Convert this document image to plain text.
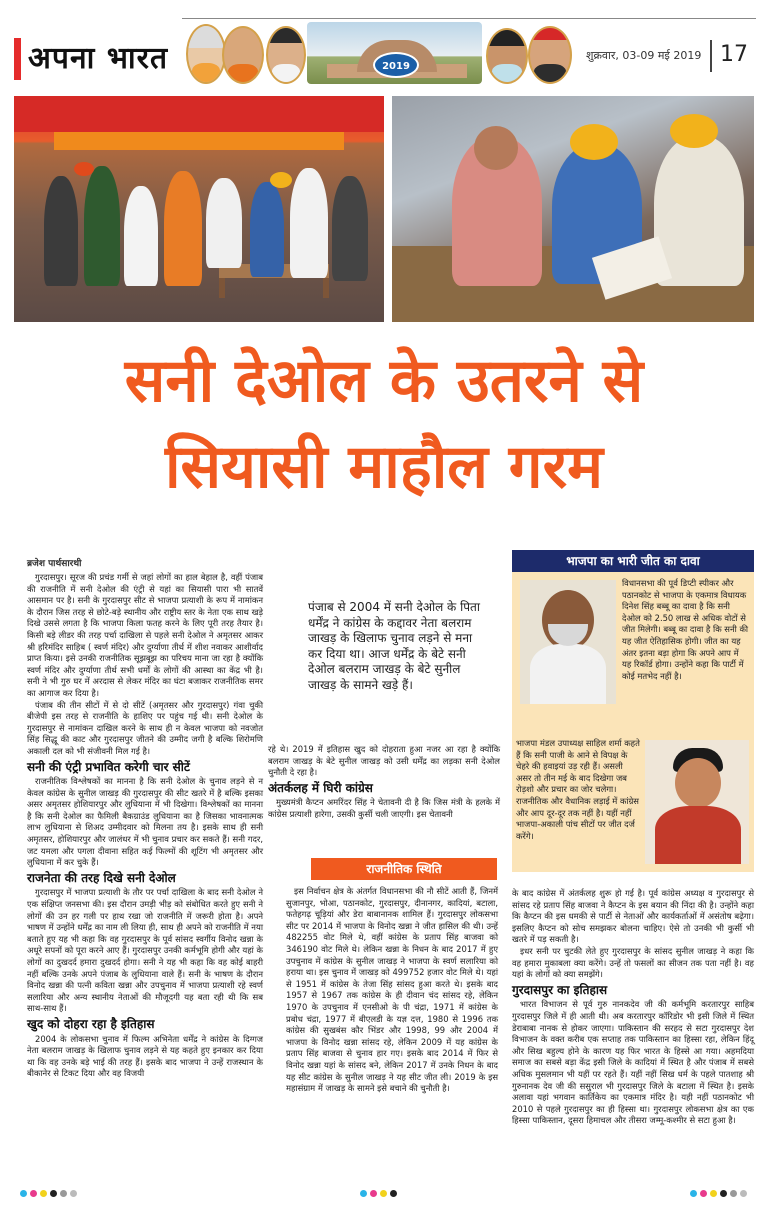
अपना भारत	2019
शुक्रवार, 03-09 मई 2019 17
सनी देओल के उतरने से
सियासी माहौल गरम
ब्रजेश पार्थसारथी

गुरदासपुर। सूरज की प्रचंड गर्मी से जहां लोगों का हाल बेहाल है, वहीं पंजाब की राजनीति में सनी देओल की एंट्री से यहां का सियासी पारा भी सातवें आसमान पर है। सनी के गुरदासपुर सीट से भाजपा प्रत्याशी के रूप में नामांकन के दौरान जिस तरह से छोटे-बड़े स्थानीय और राष्ट्रीय स्तर के नेता एक साथ खड़े दिखे उससे लगता है कि भाजपा किला फतह करने के लिए पूरी तरह तैयार है। किसी बड़े लीडर की तरह पर्चा दाखिला से पहले सनी देओल ने अमृतसर आकर श्री हरिमंदिर साहिब ( स्वर्ण मंदिर) और दुर्ग्याणा तीर्थ में शीश नवाकर आशीर्वाद प्राप्त किया। इसे उनकी राजनीतिक सूझबूझ का परिचय माना जा रहा है क्योंकि स्वर्ण मंदिर और दुर्ग्याणा तीर्थ सभी धर्मों के लोगों की आस्था का केंद्र भी है। सनी ने भी गुरु घर में अरदास से लेकर मंदिर का घंटा बजाकर राजनीतिक समर का आगाज कर दिया है।

पंजाब की तीन सीटों में से दो सीटें (अमृतसर और गुरदासपुर) गंवा चुकी बीजेपी इस तरह से राजनीति के हाशिए पर पहुंच गई थी। सनी देओल के गुरदासपुर से नामांकन दाखिल करने के साथ ही न केवल भाजपा को नवजोत सिंह सिद्धू की काट और गुरदासपुर जीतने की उम्मीद जगी है बल्कि शिरोमणि अकाली दल को भी संजीवनी मिल गई है।

सनी की एंट्री प्रभावित करेगी चार सीटें

राजनीतिक विश्लेषकों का मानना है कि सनी देओल के चुनाव लड़ने से न केवल कांग्रेस के सुनील जाखड़ की गुरदासपुर की सीट खतरे में है बल्कि इसका असर अमृतसर होशियारपुर और लुधियाना में भी दिखेगा। विश्लेषकों का मानना है कि सनी देओल का फैमिली बैकग्राउंड लुधियाना का है जिसका भावनात्मक लाभ लुधियाना से शिअद उम्मीदवार को मिलना तय है। इसके साथ ही सनी अमृतसर, होशियारपुर और जालंधर में भी चुनाव प्रचार कर सकते हैं। सनी गदर, जट यमला और पगला दीवाना सहित कई फिल्मों की शूटिंग भी अमृतसर और लुधियाना में कर चुके हैं।

राजनेता की तरह दिखे सनी देओल

गुरदासपुर में भाजपा प्रत्याशी के तौर पर पर्चा दाखिला के बाद सनी देओल ने एक संक्षिप्त जनसभा की। इस दौरान उमड़ी भीड़ को संबोधित करते हुए सनी ने लोगों की उन हर गली पर हाथ रखा जो राजनीति में जरूरी होता है। अपने भाषण में उन्होंने धर्मेंद्र का नाम ली लिया ही, साथ ही अपने को राजनीति में नया बताते हुए यह भी कहा कि वह गुरदासपुर के पूर्व सांसद स्वर्गीय विनोद खन्ना के अधूरे सपनों को पूरा करने आए हैं। गुरदासपुर उनकी कर्मभूमि होगी और यहां के लोगों का दुखदर्द हमारा दुखदर्द होगा। सनी ने यह भी कहा कि वह कोई बाहरी नहीं बल्कि उनके अपने पंजाब के लुधियाना वाले हैं। सनी के भाषण के दौरान विनोद खन्ना की पत्नी कविता खन्ना और उपचुनाव में भाजपा प्रत्याशी रहे स्वर्ण सलारिया और अन्य स्थानीय नेताओं की मौजूदगी यह बता रही थी कि सब साथ-साथ हैं।

खुद को दोहरा रहा है इतिहास

2004 के लोकसभा चुनाव में फिल्म अभिनेता धर्मेंद्र ने कांग्रेस के दिग्गज नेता बलराम जाखड़ के खिलाफ चुनाव लड़ने से यह कहते हुए इनकार कर दिया था कि वह उनके बड़े भाई की तरह हैं। इसके बाद भाजपा ने उन्हें राजस्थान के बीकानेर से टिकट दिया और वह विजयी

पंजाब से 2004 में सनी देओल के पिता धर्मेंद्र ने कांग्रेस के कद्दावर नेता बलराम जाखड़ के खिलाफ चुनाव लड़ने से मना कर दिया था। आज धर्मेंद्र के बेटे सनी देओल बलराम जाखड़ के बेटे सुनील जाखड़ के सामने खड़े हैं।

रहे थे। 2019 में इतिहास खुद को दोहराता हुआ नजर आ रहा है क्योंकि बलराम जाखड़ के बेटे सुनील जाखड़ को उसी धर्मेंद्र का लड़का सनी देओल चुनौती दे रहा है।

अंतर्कलह में घिरी कांग्रेस

मुख्यमंत्री कैप्टन अमरिंदर सिंह ने चेतावनी दी है कि जिस मंत्री के हलके में कांग्रेस प्रत्याशी हारेगा, उसकी कुर्सी चली जाएगी। इस चेतावनी

राजनीतिक स्थिति

इस निर्वाचन क्षेत्र के अंतर्गत विधानसभा की नौ सीटें आती हैं, जिनमें सुजानपुर, भोआ, पठानकोट, गुरदासपुर, दीनानगर, कादियां, बटाला, फतेहगढ़ चूड़ियां और डेरा बाबानानक शामिल हैं। गुरदासपुर लोकसभा सीट पर 2014 में भाजपा के विनोद खन्ना ने जीत हासिल की थी। उन्हें 482255 वोट मिले थे, वहीं कांग्रेस के प्रताप सिंह बाजवा को 346190 वोट मिले थे। लेकिन खन्ना के निधन के बाद 2017 में हुए उपचुनाव में कांग्रेस के सुनील जाखड़ ने भाजपा के स्वर्ण सलारिया को हराया था। इस चुनाव में जाखड़ को 499752 हजार वोट मिले थे। यहां से 1951 में कांग्रेस के तेजा सिंह सांसद हुआ करते थे। इसके बाद 1957 से 1967 तक कांग्रेस के ही दीवान चंद सांसद रहे, लेकिन 1970 के उपचुनाव में एनसीओ के पी चंद्रा, 1971 में कांग्रेस के प्रबोध चंद्रा, 1977 में बीएलडी के यज्ञ दत्त, 1980 से 1996 तक कांग्रेस की सुखबंस कौर भिंडर और 1998, 99 और 2004 में भाजपा के विनोद खन्ना सांसद रहे, लेकिन 2009 में यह कांग्रेस के प्रताप सिंह बाजवा से चुनाव हार गए। इसके बाद 2014 में फिर से विनोद खन्ना यहां के सांसद बने, लेकिन 2017 में उनके निधन के बाद यह सीट कांग्रेस के सुनील जाखड़ ने यह सीट जीत ली। 2019 के इस महासंग्राम में जाखड़ के सामने इसे बचाने की चुनौती है।

भाजपा का भारी जीत का दावा
विधानसभा की पूर्व डिप्टी स्पीकर और पठानकोट से भाजपा के एकमात्र विधायक दिनेश सिंह बब्बू का दावा है कि सनी देओल को 2.50 लाख से अधिक वोटों से जीत मिलेगी। बब्बू का दावा है कि सनी की यह जीत ऐतिहासिक होगी। जीत का यह अंतर इतना बड़ा होगा कि अपने आप में यह रिकॉर्ड होगा। उन्होंने कहा कि पार्टी में कोई मतभेद नहीं है।
भाजपा मंडल उपाध्यक्ष साहिल शर्मा कहते हैं कि सनी पाजी के आने से विपक्ष के चेहरे की हवाइयां उड़ रही हैं। असली असर तो तीन मई के बाद दिखेगा जब रोड़शो और प्रचार का जोर चलेगा। राजनीतिक और वैधानिक लड़ाई में कांग्रेस और आप दूर-दूर तक नहीं है। यहीं नहीं भाजपा-अकाली पांच सीटों पर जीत दर्ज करेंगे।

के बाद कांग्रेस में अंतर्कलह शुरू हो गई है। पूर्व कांग्रेस अध्यक्ष व गुरदासपुर से सांसद रहे प्रताप सिंह बाजवा ने कैप्टन के इस बयान की निंदा की है। उन्होंने कहा कि कैप्टन की इस धमकी से पार्टी से नेताओं और कार्यकर्ताओं में असंतोष बढ़ेगा। इसलिए कैप्टन को सोच समझकर बोलना चाहिए। ऐसे तो उनकी भी कुर्सी भी खतरे में पड़ सकती है।

इधर सनी पर चुटकी लेते हुए गुरदासपुर के सांसद सुनील जाखड़ ने कहा कि वह हमारा मुकाबला क्या करेंगे। उन्हें तो फसलों का सीजन तक पता नहीं है। वह यहां के लोगों को क्या समझेंगे।

गुरदासपुर का इतिहास

भारत विभाजन से पूर्व गुरु नानकदेव जी की कर्मभूमि करतारपुर साहिब गुरदासपुर जिले में ही आती थी। अब करतारपुर कॉरिडोर भी इसी जिले में स्थित डेराबाबा नानक से होकर जाएगा। पाकिस्तान की सरहद से सटा गुरदासपुर देश विभाजन के वक्त करीब एक सप्ताह तक पाकिस्तान का हिस्सा रहा, लेकिन हिंदू और सिख बहुल्य होने के कारण यह फिर भारत के हिस्से आ गया। अहमदिया समाज का सबसे बड़ा केंद्र इसी जिले के कादियां में स्थित है और पंजाब में सबसे अधिक मुसलमान भी यहीं पर रहते हैं। यहीं नहीं सिख धर्म के पहले पातशाह श्री गुरुनानक देव जी की ससुराल भी गुरदासपुर जिले के बटाला में स्थित है। इसके अलावा यहां भगवान कार्तिकेय का एकमात्र मंदिर है। यही नहीं पठानकोट भी 2010 से पहले गुरदासपुर का ही हिस्सा था। गुरदासपुर लोकसभा क्षेत्र का एक हिस्सा पाकिस्तान, दूसरा हिमाचल और तीसरा जम्मू-कश्मीर से सटा हुआ है।
